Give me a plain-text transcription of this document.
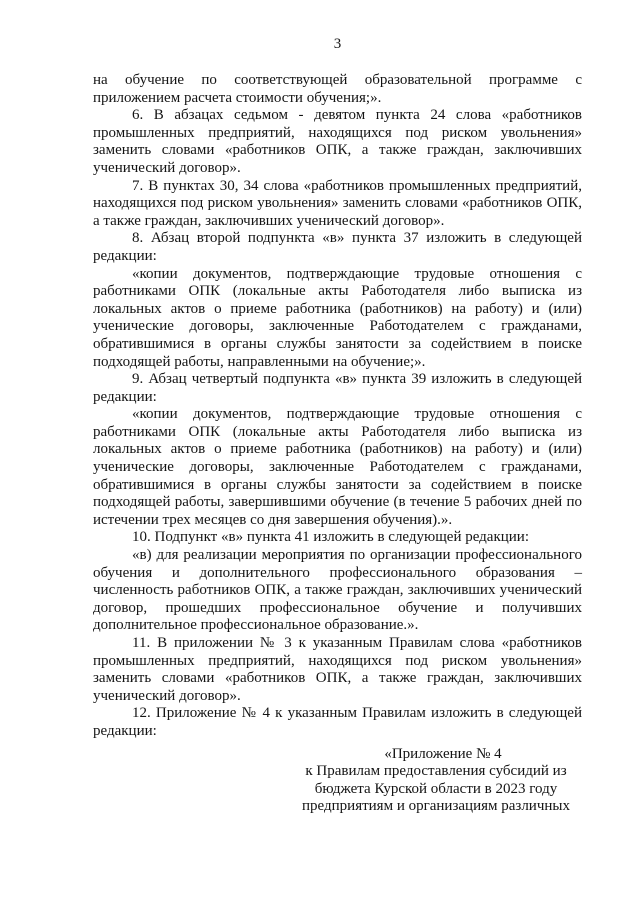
3

на обучение по соответствующей образовательной программе с приложением расчета стоимости обучения;».

6. В абзацах седьмом - девятом пункта 24 слова «работников промышленных предприятий, находящихся под риском увольнения» заменить словами «работников ОПК, а также граждан, заключивших ученический договор».

7. В пунктах 30, 34 слова «работников промышленных предприятий, находящихся под риском увольнения» заменить словами «работников ОПК, а также граждан, заключивших ученический договор».

8. Абзац второй подпункта «в» пункта 37 изложить в следующей редакции:

«копии документов, подтверждающие трудовые отношения с работниками ОПК (локальные акты Работодателя либо выписка из локальных актов о приеме работника (работников) на работу) и (или) ученические договоры, заключенные Работодателем с гражданами, обратившимися в органы службы занятости за содействием в поиске подходящей работы, направленными на обучение;».

9. Абзац четвертый подпункта «в» пункта 39 изложить в следующей редакции:

«копии документов, подтверждающие трудовые отношения с работниками ОПК (локальные акты Работодателя либо выписка из локальных актов о приеме работника (работников) на работу) и (или) ученические договоры, заключенные Работодателем с гражданами, обратившимися в органы службы занятости за содействием в поиске подходящей работы, завершившими обучение (в течение 5 рабочих дней по истечении трех месяцев со дня завершения обучения).».

10. Подпункт «в» пункта 41 изложить в следующей редакции:

«в) для реализации мероприятия по организации профессионального обучения и дополнительного профессионального образования – численность работников ОПК, а также граждан, заключивших ученический договор, прошедших профессиональное обучение и получивших дополнительное профессиональное образование.».

11. В приложении № 3 к указанным Правилам слова «работников промышленных предприятий, находящихся под риском увольнения» заменить словами «работников ОПК, а также граждан, заключивших ученический договор».

12. Приложение № 4 к указанным Правилам изложить в следующей редакции:

«Приложение № 4
к Правилам предоставления субсидий из
бюджета Курской области в 2023 году
предприятиям и организациям различных
